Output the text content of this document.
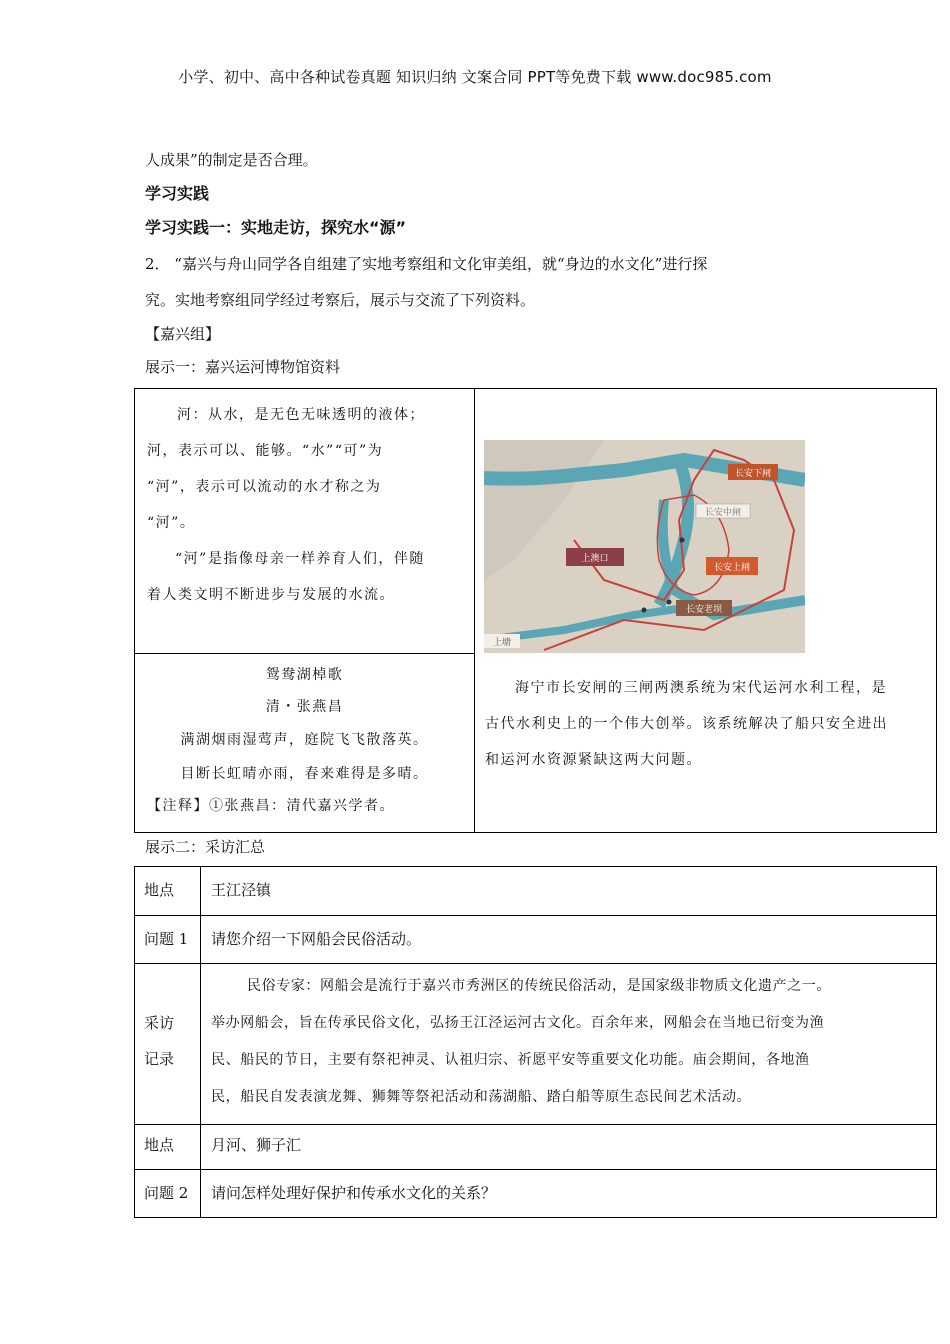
小学、初中、高中各种试卷真题 知识归纳 文案合同 PPT等免费下载 www.doc985.com
人成果”的制定是否合理。
学习实践
学习实践一：实地走访，探究水“源”
2． “嘉兴与舟山同学各自组建了实地考察组和文化审美组，就“身边的水文化”进行探
究。实地考察组同学经过考察后，展示与交流了下列资料。
【嘉兴组】
展示一：嘉兴运河博物馆资料
河：从水，是无色无味透明的液体；
河，表示可以、能够。“水”“可”为
“河”，表示可以流动的水才称之为
“河”。
“河”是指像母亲一样养育人们，伴随
着人类文明不断进步与发展的水流。
鸳鸯湖棹歌
清・张燕昌
满湖烟雨湿莺声，庭院飞飞散落英。
目断长虹晴亦雨，春来难得是多晴。
【注释】①张燕昌：清代嘉兴学者。
长安下闸
长安中闸
上澳口
长安上闸
长安老坝
上塘
海宁市长安闸的三闸两澳系统为宋代运河水利工程，是
古代水利史上的一个伟大创举。该系统解决了船只安全进出
和运河水资源紧缺这两大问题。
展示二：采访汇总
地点 王江泾镇
问题 1 请您介绍一下网船会民俗活动。
采访
记录
民俗专家：网船会是流行于嘉兴市秀洲区的传统民俗活动，是国家级非物质文化遗产之一。
举办网船会，旨在传承民俗文化，弘扬王江泾运河古文化。百余年来，网船会在当地已衍变为渔
民、船民的节日，主要有祭祀神灵、认祖归宗、祈愿平安等重要文化功能。庙会期间，各地渔
民，船民自发表演龙舞、狮舞等祭祀活动和荡湖船、踏白船等原生态民间艺术活动。
地点 月河、狮子汇
问题 2 请问怎样处理好保护和传承水文化的关系？
